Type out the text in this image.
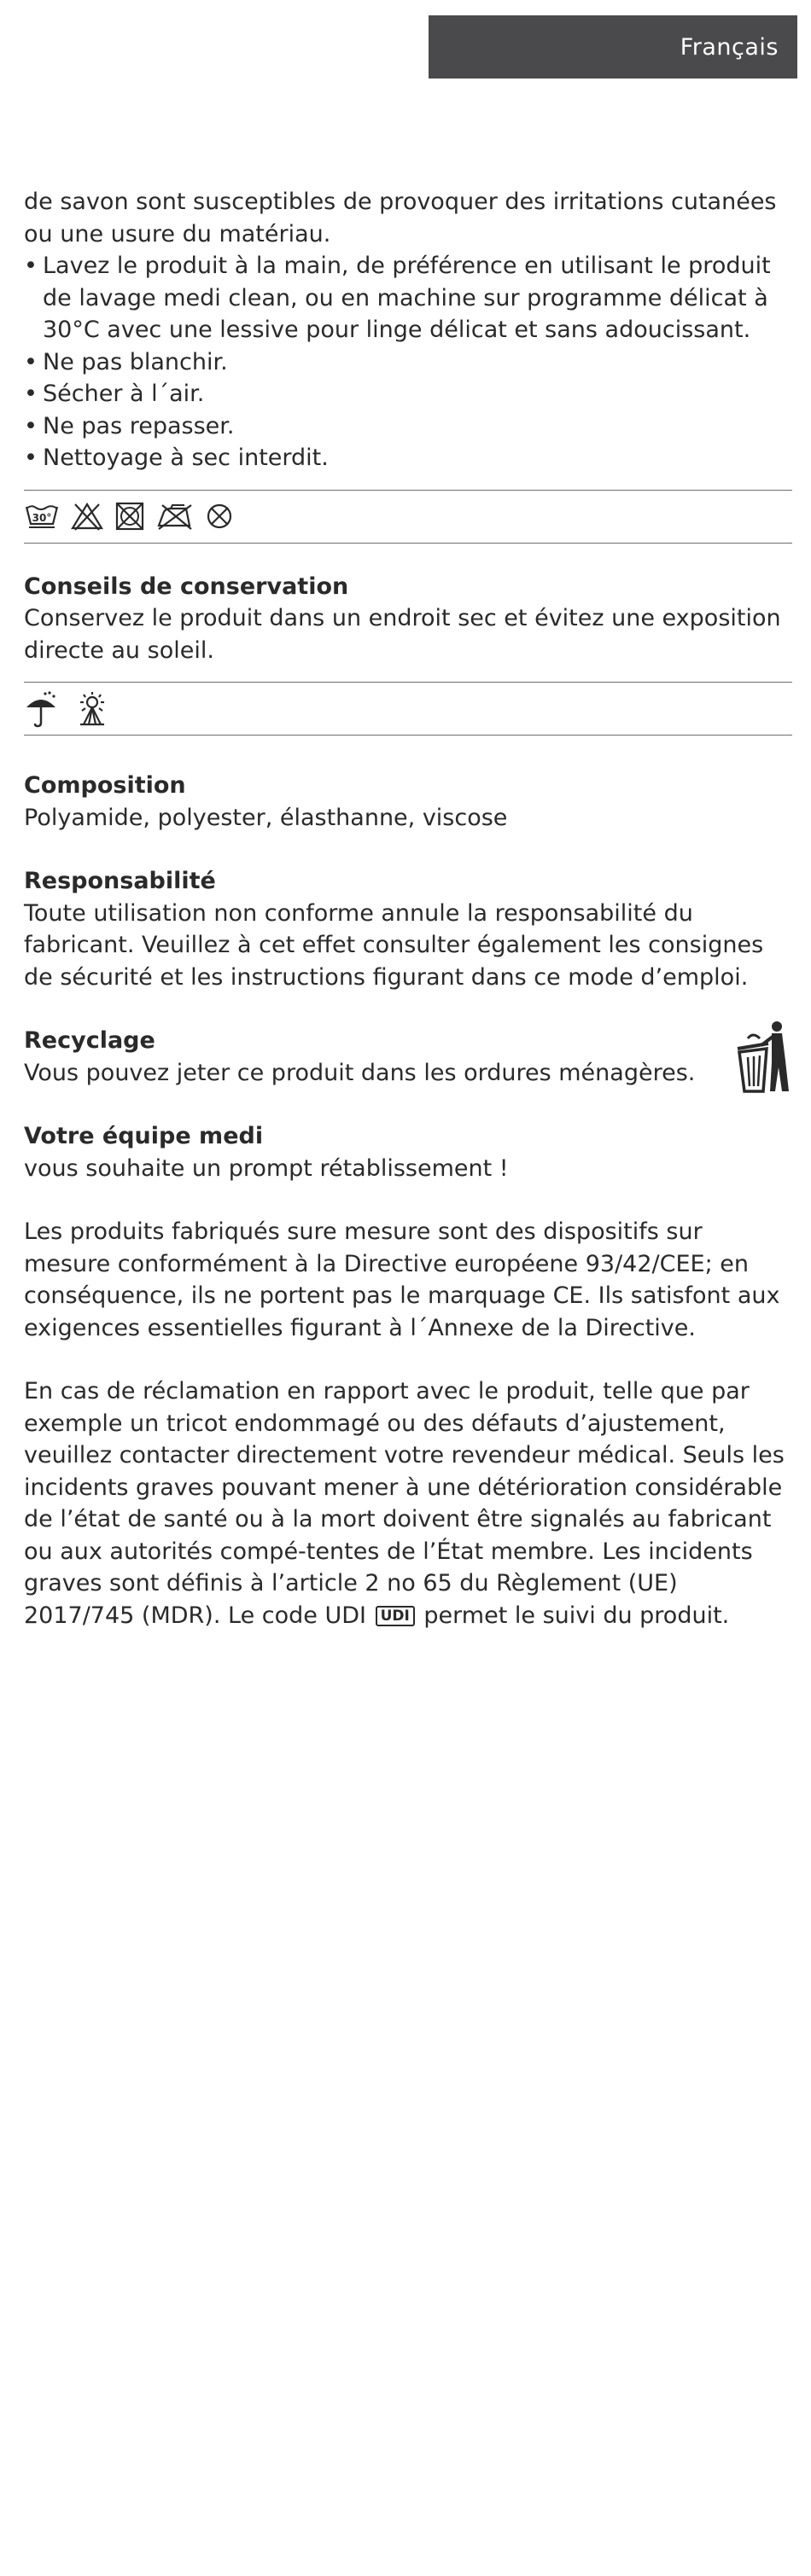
Français

de savon sont susceptibles de provoquer des irritations cutanées ou une usure du matériau.

• Lavez le produit à la main, de préférence en utilisant le produit de lavage medi clean, ou en machine sur programme délicat à 30°C avec une lessive pour linge délicat et sans adoucissant.
• Ne pas blanchir.
• Sécher à l´air.
• Ne pas repasser.
• Nettoyage à sec interdit.
30°

Conseils de conservation

Conservez le produit dans un endroit sec et évitez une exposition directe au soleil.

Composition

Polyamide, polyester, élasthanne, viscose

Responsabilité

Toute utilisation non conforme annule la responsabilité du fabricant. Veuillez à cet effet consulter également les consignes de sécurité et les instructions figurant dans ce mode d’emploi.

Recyclage

Vous pouvez jeter ce produit dans les ordures ménagères.

Votre équipe medi

vous souhaite un prompt rétablissement !

Les produits fabriqués sure mesure sont des dispositifs sur mesure conformément à la Directive européene 93/42/CEE; en conséquence, ils ne portent pas le marquage CE. Ils satisfont aux exigences essentielles figurant à l´Annexe de la Directive.

En cas de réclamation en rapport avec le produit, telle que par exemple un tricot endommagé ou des défauts d’ajustement, veuillez contacter directement votre revendeur médical. Seuls les incidents graves pouvant mener à une détérioration considérable de l’état de santé ou à la mort doivent être signalés au fabricant ou aux autorités compé-tentes de l’État membre. Les incidents graves sont définis à l’article 2 no 65 du Règlement (UE) 2017/745 (MDR). Le code UDI UDI permet le suivi du produit.
